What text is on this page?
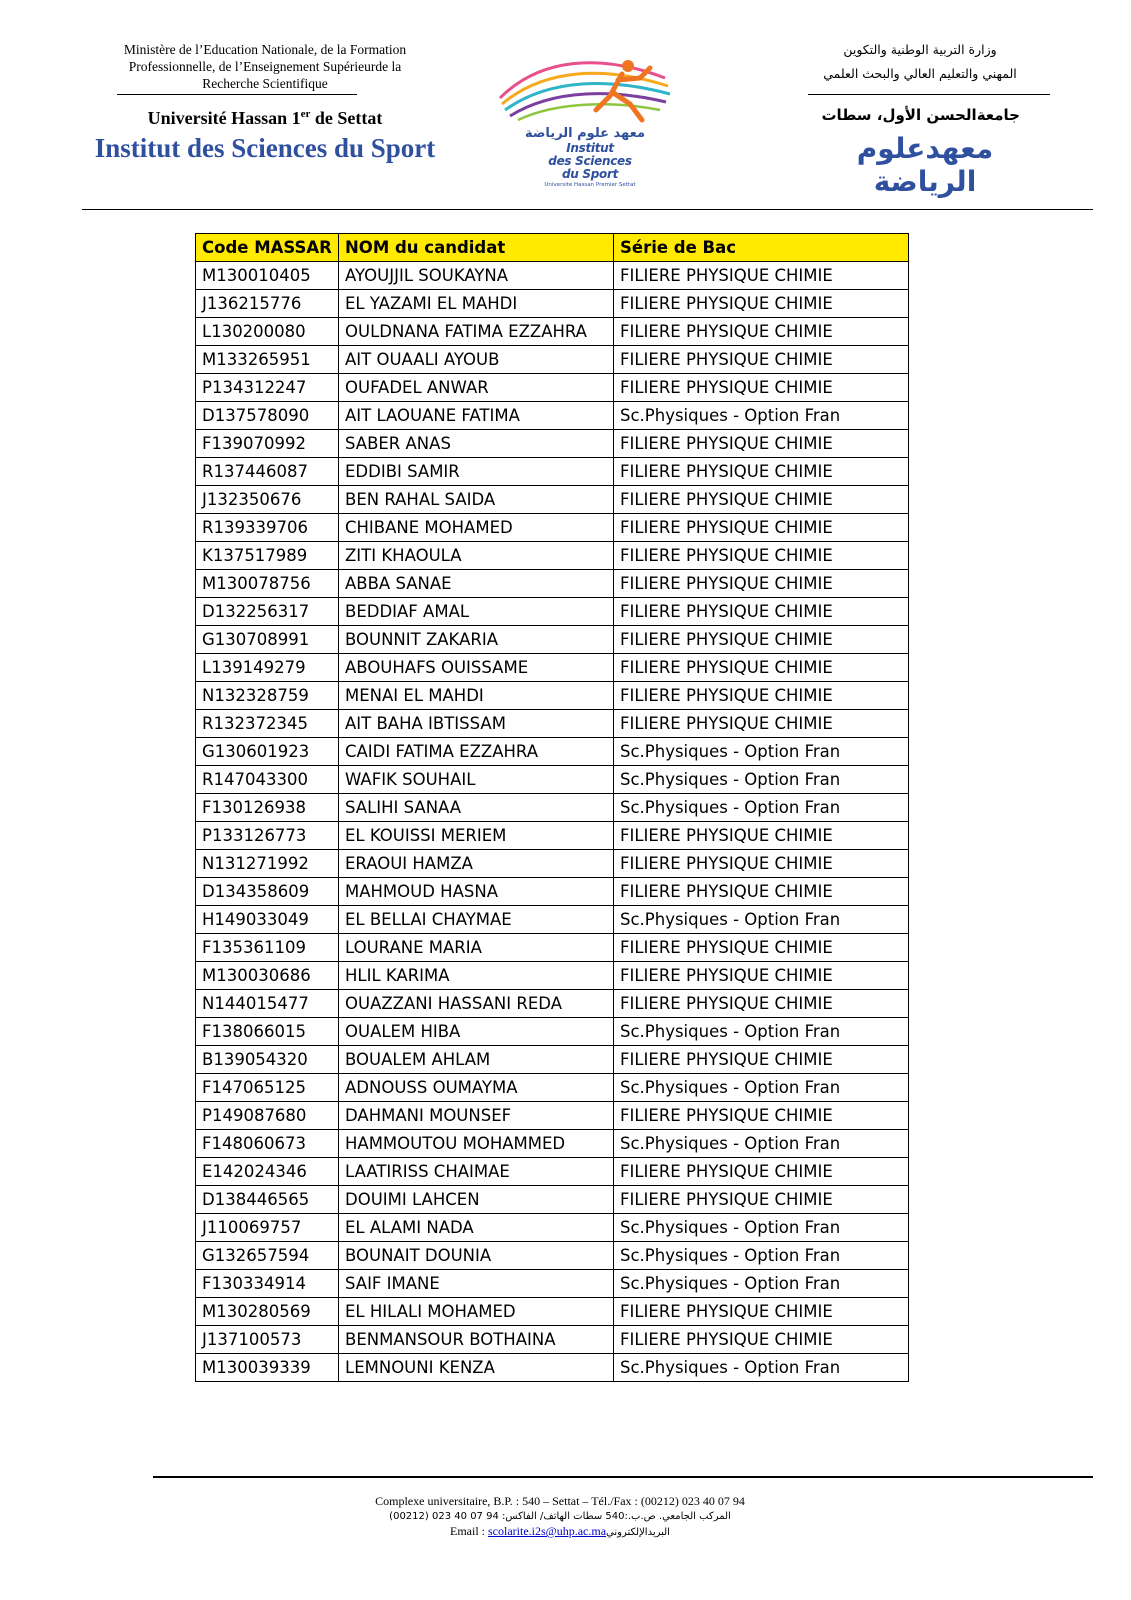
Ministère de l’Education Nationale, de la Formation
Professionnelle, de l’Enseignement Supérieurde la
Recherche Scientifique
Université Hassan 1er de Settat
Institut des Sciences du Sport	معهد علوم الرياضة
Institut
des Sciences
du Sport
Université Hassan Premier Settat
وزارة التربية الوطنية والتكوين
المهني والتعليم العالي والبحث العلمي
جامعةالحسن الأول، سطات
معهدعلوم الرياضة
Code MASSAR	NOM du candidat	Série de Bac
M130010405	AYOUJJIL SOUKAYNA	FILIERE PHYSIQUE CHIMIE
J136215776	EL YAZAMI EL MAHDI	FILIERE PHYSIQUE CHIMIE
L130200080	OULDNANA FATIMA EZZAHRA	FILIERE PHYSIQUE CHIMIE
M133265951	AIT OUAALI AYOUB	FILIERE PHYSIQUE CHIMIE
P134312247	OUFADEL ANWAR	FILIERE PHYSIQUE CHIMIE
D137578090	AIT LAOUANE FATIMA	Sc.Physiques - Option Fran
F139070992	SABER ANAS	FILIERE PHYSIQUE CHIMIE
R137446087	EDDIBI SAMIR	FILIERE PHYSIQUE CHIMIE
J132350676	BEN RAHAL SAIDA	FILIERE PHYSIQUE CHIMIE
R139339706	CHIBANE MOHAMED	FILIERE PHYSIQUE CHIMIE
K137517989	ZITI KHAOULA	FILIERE PHYSIQUE CHIMIE
M130078756	ABBA SANAE	FILIERE PHYSIQUE CHIMIE
D132256317	BEDDIAF AMAL	FILIERE PHYSIQUE CHIMIE
G130708991	BOUNNIT ZAKARIA	FILIERE PHYSIQUE CHIMIE
L139149279	ABOUHAFS OUISSAME	FILIERE PHYSIQUE CHIMIE
N132328759	MENAI EL MAHDI	FILIERE PHYSIQUE CHIMIE
R132372345	AIT BAHA IBTISSAM	FILIERE PHYSIQUE CHIMIE
G130601923	CAIDI FATIMA EZZAHRA	Sc.Physiques - Option Fran
R147043300	WAFIK SOUHAIL	Sc.Physiques - Option Fran
F130126938	SALIHI SANAA	Sc.Physiques - Option Fran
P133126773	EL KOUISSI MERIEM	FILIERE PHYSIQUE CHIMIE
N131271992	ERAOUI HAMZA	FILIERE PHYSIQUE CHIMIE
D134358609	MAHMOUD HASNA	FILIERE PHYSIQUE CHIMIE
H149033049	EL BELLAI CHAYMAE	Sc.Physiques - Option Fran
F135361109	LOURANE MARIA	FILIERE PHYSIQUE CHIMIE
M130030686	HLIL KARIMA	FILIERE PHYSIQUE CHIMIE
N144015477	OUAZZANI HASSANI REDA	FILIERE PHYSIQUE CHIMIE
F138066015	OUALEM HIBA	Sc.Physiques - Option Fran
B139054320	BOUALEM AHLAM	FILIERE PHYSIQUE CHIMIE
F147065125	ADNOUSS OUMAYMA	Sc.Physiques - Option Fran
P149087680	DAHMANI MOUNSEF	FILIERE PHYSIQUE CHIMIE
F148060673	HAMMOUTOU MOHAMMED	Sc.Physiques - Option Fran
E142024346	LAATIRISS CHAIMAE	FILIERE PHYSIQUE CHIMIE
D138446565	DOUIMI LAHCEN	FILIERE PHYSIQUE CHIMIE
J110069757	EL ALAMI NADA	Sc.Physiques - Option Fran
G132657594	BOUNAIT DOUNIA	Sc.Physiques - Option Fran
F130334914	SAIF IMANE	Sc.Physiques - Option Fran
M130280569	EL HILALI MOHAMED	FILIERE PHYSIQUE CHIMIE
J137100573	BENMANSOUR BOTHAINA	FILIERE PHYSIQUE CHIMIE
M130039339	LEMNOUNI KENZA	Sc.Physiques - Option Fran
Complexe universitaire, B.P. : 540 – Settat – Tél./Fax : (00212) 023 40 07 94
المركب الجامعي. ص.ب.:540 سطات الهاتف/ الفاكس: 94 07 40 023 (00212)
Email : scolarite.i2s@uhp.ac.maالبريدالإلكتروني
